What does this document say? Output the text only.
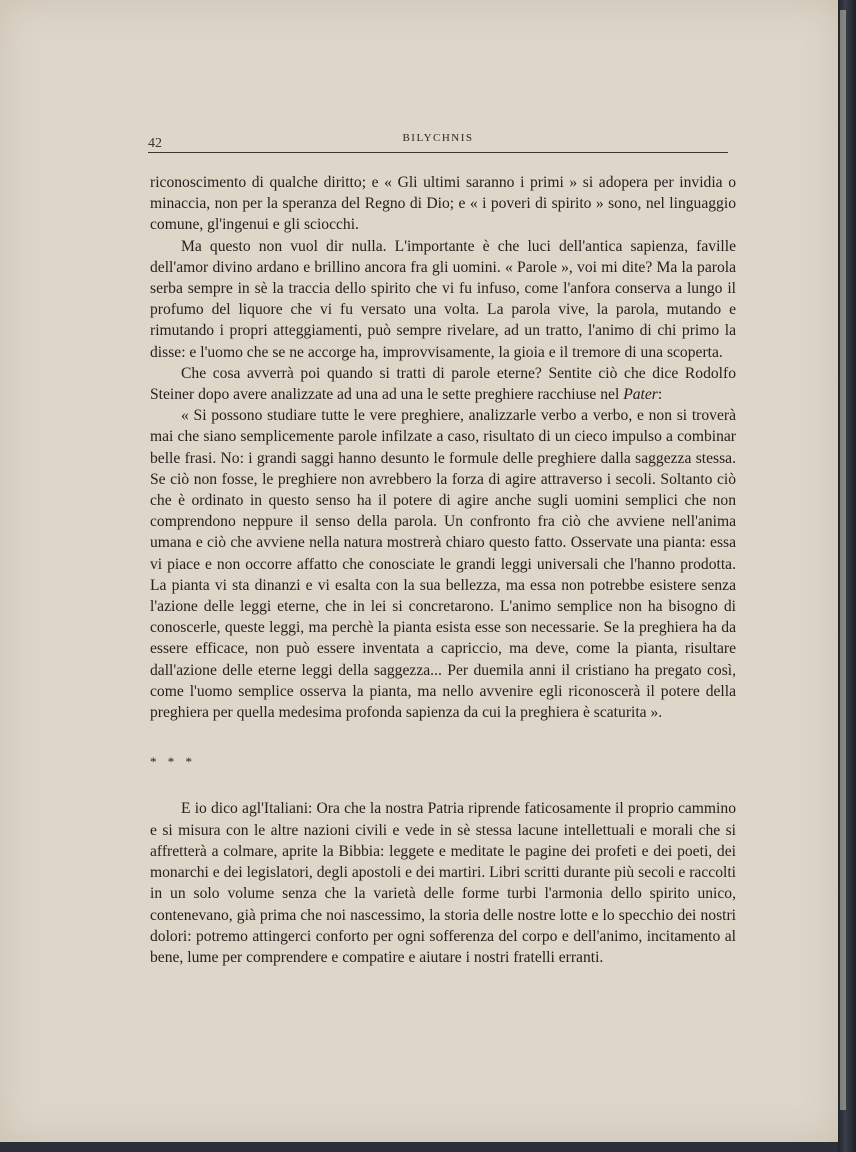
42	BILYCHNIS

riconoscimento di qualche diritto; e « Gli ultimi saranno i primi » si adopera per invidia o minaccia, non per la speranza del Regno di Dio; e « i poveri di spirito » sono, nel linguaggio comune, gl'ingenui e gli sciocchi.

Ma questo non vuol dir nulla. L'importante è che luci dell'antica sapienza, faville dell'amor divino ardano e brillino ancora fra gli uomini. « Parole », voi mi dite? Ma la parola serba sempre in sè la traccia dello spirito che vi fu infuso, come l'anfora conserva a lungo il profumo del liquore che vi fu versato una volta. La parola vive, la parola, mutando e rimutando i propri atteggiamenti, può sempre rivelare, ad un tratto, l'animo di chi primo la disse: e l'uomo che se ne accorge ha, improvvisamente, la gioia e il tremore di una scoperta.

Che cosa avverrà poi quando si tratti di parole eterne? Sentite ciò che dice Rodolfo Steiner dopo avere analizzate ad una ad una le sette preghiere racchiuse nel Pater:

« Si possono studiare tutte le vere preghiere, analizzarle verbo a verbo, e non si troverà mai che siano semplicemente parole infilzate a caso, risultato di un cieco impulso a combinar belle frasi. No: i grandi saggi hanno desunto le formule delle preghiere dalla saggezza stessa. Se ciò non fosse, le preghiere non avrebbero la forza di agire attraverso i secoli. Soltanto ciò che è ordinato in questo senso ha il potere di agire anche sugli uomini semplici che non comprendono neppure il senso della parola. Un confronto fra ciò che avviene nell'anima umana e ciò che avviene nella natura mostrerà chiaro questo fatto. Osservate una pianta: essa vi piace e non occorre affatto che conosciate le grandi leggi universali che l'hanno prodotta. La pianta vi sta dinanzi e vi esalta con la sua bellezza, ma essa non potrebbe esistere senza l'azione delle leggi eterne, che in lei si concretarono. L'animo semplice non ha bisogno di conoscerle, queste leggi, ma perchè la pianta esista esse son necessarie. Se la preghiera ha da essere efficace, non può essere inventata a capriccio, ma deve, come la pianta, risultare dall'azione delle eterne leggi della saggezza... Per duemila anni il cristiano ha pregato così, come l'uomo semplice osserva la pianta, ma nello avvenire egli riconoscerà il potere della preghiera per quella medesima profonda sapienza da cui la preghiera è scaturita ».

* * *

E io dico agl'Italiani: Ora che la nostra Patria riprende faticosamente il proprio cammino e si misura con le altre nazioni civili e vede in sè stessa lacune intellettuali e morali che si affretterà a colmare, aprite la Bibbia: leggete e meditate le pagine dei profeti e dei poeti, dei monarchi e dei legislatori, degli apostoli e dei martiri. Libri scritti durante più secoli e raccolti in un solo volume senza che la varietà delle forme turbi l'armonia dello spirito unico, contenevano, già prima che noi nascessimo, la storia delle nostre lotte e lo specchio dei nostri dolori: potremo attingerci conforto per ogni sofferenza del corpo e dell'animo, incitamento al bene, lume per comprendere e compatire e aiutare i nostri fratelli erranti.
